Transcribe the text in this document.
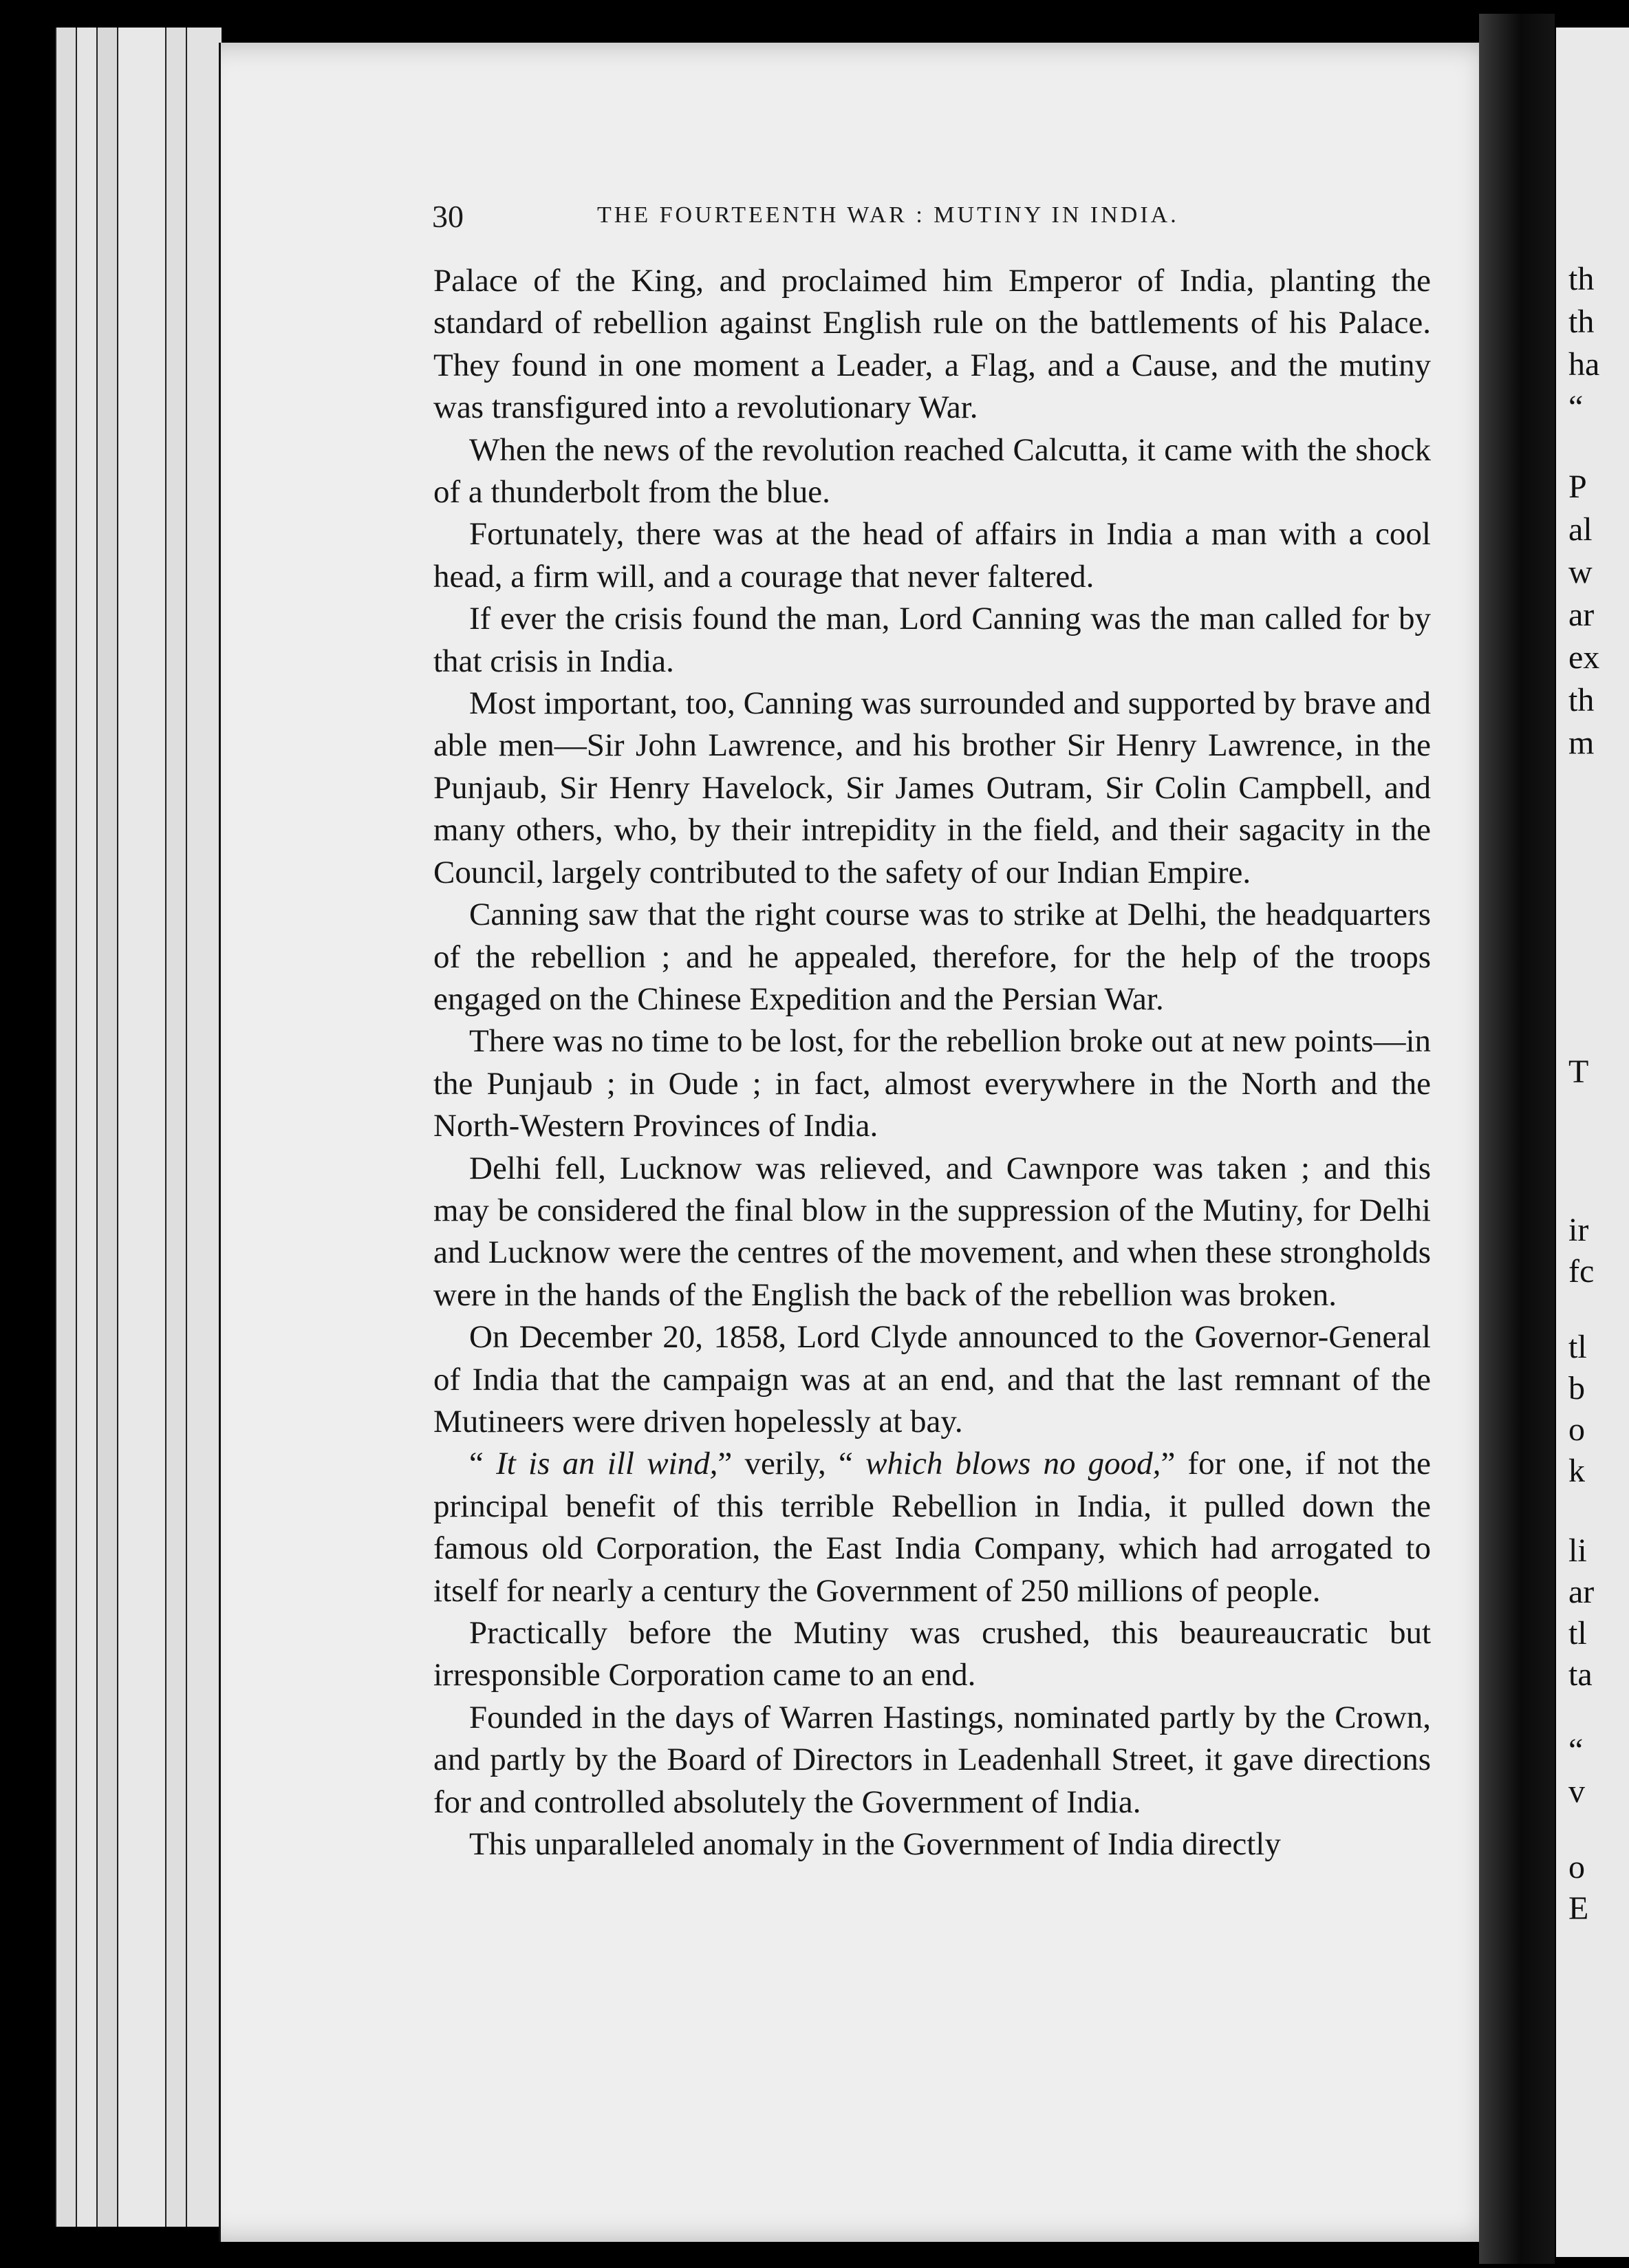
30	THE FOURTEENTH WAR : MUTINY IN INDIA.

Palace of the King, and proclaimed him Emperor of India, planting the standard of rebellion against English rule on the battlements of his Palace. They found in one moment a Leader, a Flag, and a Cause, and the mutiny was transfigured into a revolutionary War.

When the news of the revolution reached Calcutta, it came with the shock of a thunderbolt from the blue.

Fortunately, there was at the head of affairs in India a man with a cool head, a firm will, and a courage that never faltered.

If ever the crisis found the man, Lord Canning was the man called for by that crisis in India.

Most important, too, Canning was surrounded and supported by brave and able men—Sir John Lawrence, and his brother Sir Henry Lawrence, in the Punjaub, Sir Henry Havelock, Sir James Outram, Sir Colin Campbell, and many others, who, by their intrepidity in the field, and their sagacity in the Council, largely contributed to the safety of our Indian Empire.

Canning saw that the right course was to strike at Delhi, the headquarters of the rebellion ; and he appealed, therefore, for the help of the troops engaged on the Chinese Expedition and the Persian War.

There was no time to be lost, for the rebellion broke out at new points—in the Punjaub ; in Oude ; in fact, almost everywhere in the North and the North-Western Provinces of India.

Delhi fell, Lucknow was relieved, and Cawnpore was taken ; and this may be considered the final blow in the suppression of the Mutiny, for Delhi and Lucknow were the centres of the movement, and when these strongholds were in the hands of the English the back of the rebellion was broken.

On December 20, 1858, Lord Clyde announced to the Governor-General of India that the campaign was at an end, and that the last remnant of the Mutineers were driven hopelessly at bay.

“ It is an ill wind,” verily, “ which blows no good,” for one, if not the principal benefit of this terrible Rebellion in India, it pulled down the famous old Corporation, the East India Company, which had arrogated to itself for nearly a century the Government of 250 millions of people.

Practically before the Mutiny was crushed, this beaureaucratic but irresponsible Corporation came to an end.

Founded in the days of Warren Hastings, nominated partly by the Crown, and partly by the Board of Directors in Leadenhall Street, it gave directions for and controlled absolutely the Government of India.

This unparalleled anomaly in the Government of India directly

th
th
ha
“
P
al
w
ar
ex
th
m
T
ir
fc
tl
b
o
k
li
ar
tl
ta
“
v
o
E
